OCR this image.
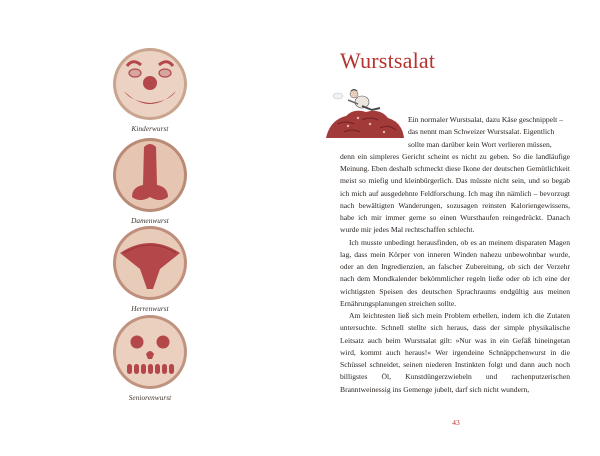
Kinderwurst
Damenwurst
Herrenwurst
Seniorenwurst
Wurstsalat

Ein normaler Wurstsalat, dazu Käse geschnippelt –
das nennt man Schweizer Wurstsalat. Eigentlich
sollte man darüber kein Wort verlieren müssen,
denn ein simpleres Gericht scheint es nicht zu geben. So die landläufige Meinung. Eben deshalb schmeckt diese Ikone der deutschen Gemütlichkeit meist so miefig und kleinbürgerlich. Das müsste nicht sein, und so begab ich mich auf ausgedehnte Feldforschung. Ich mag ihn nämlich – bevorzugt nach bewältigten Wanderungen, sozusagen reinsten Kaloriengewissens, habe ich mir immer gerne so einen Wursthaufen reingedrückt. Danach wurde mir jedes Mal rechtschaffen schlecht.

Ich musste unbedingt herausfinden, ob es an meinem disparaten Magen lag, dass mein Körper von inneren Winden nahezu unbewohnbar wurde, oder an den Ingredienzien, an falscher Zubereitung, ob sich der Verzehr nach dem Mondkalender bekömmlicher regeln ließe oder ob ich eine der wichtigsten Speisen des deutschen Sprachraums endgültig aus meinen Ernährungsplanungen streichen sollte.

Am leichtesten ließ sich mein Problem erhellen, indem ich die Zutaten untersuchte. Schnell stellte sich heraus, dass der simple physikalische Leitsatz auch beim Wurstsalat gilt: »Nur was in ein Gefäß hineingetan wird, kommt auch heraus!« Wer irgendeine Schnäppchenwurst in die Schüssel schneidet, seinen niederen Instinkten folgt und dann auch noch billigstes Öl, Kunstdüngerzwiebeln und rachenputzerischen Branntweinessig ins Gemenge jubelt, darf sich nicht wundern,

43
